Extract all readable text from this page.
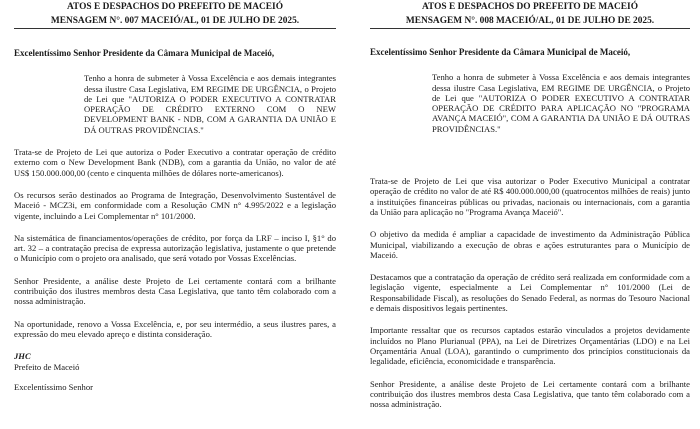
ATOS E DESPACHOS DO PREFEITO DE MACEIÓ
MENSAGEM N°. 007 MACEIÓ/AL, 01 DE JULHO DE 2025.
Excelentíssimo Senhor Presidente da Câmara Municipal de Maceió,

Tenho a honra de submeter à Vossa Excelência e aos demais integrantes dessa ilustre Casa Legislativa, EM REGIME DE URGÊNCIA, o Projeto de Lei que "AUTORIZA O PODER EXECUTIVO A CONTRATAR OPERAÇÃO DE CRÉDITO EXTERNO COM O NEW DEVELOPMENT BANK - NDB, COM A GARANTIA DA UNIÃO E DÁ OUTRAS PROVIDÊNCIAS."

Trata-se de Projeto de Lei que autoriza o Poder Executivo a contratar operação de crédito externo com o New Development Bank (NDB), com a garantia da União, no valor de até US$ 150.000.000,00 (cento e cinquenta milhões de dólares norte-americanos).

Os recursos serão destinados ao Programa de Integração, Desenvolvimento Sustentável de Maceió - MCZ3i, em conformidade com a Resolução CMN n° 4.995/2022 e a legislação vigente, incluindo a Lei Complementar n° 101/2000.

Na sistemática de financiamentos/operações de crédito, por força da LRF – inciso I, §1° do art. 32 – a contratação precisa de expressa autorização legislativa, justamente o que pretende o Município com o projeto ora analisado, que será votado por Vossas Excelências.

Senhor Presidente, a análise deste Projeto de Lei certamente contará com a brilhante contribuição dos ilustres membros desta Casa Legislativa, que tanto têm colaborado com a nossa administração.

Na oportunidade, renovo a Vossa Excelência, e, por seu intermédio, a seus ilustres pares, a expressão do meu elevado apreço e distinta consideração.

JHC

Prefeito de Maceió

Excelentíssimo Senhor

ATOS E DESPACHOS DO PREFEITO DE MACEIÓ
MENSAGEM N°. 008 MACEIÓ/AL, 01 DE JULHO DE 2025.
Excelentíssimo Senhor Presidente da Câmara Municipal de Maceió,

Tenho a honra de submeter à Vossa Excelência e aos demais integrantes dessa ilustre Casa Legislativa, EM REGIME DE URGÊNCIA, o Projeto de Lei que "AUTORIZA O PODER EXECUTIVO A CONTRATAR OPERAÇÃO DE CRÉDITO PARA APLICAÇÃO NO "PROGRAMA AVANÇA MACEIÓ", COM A GARANTIA DA UNIÃO E DÁ OUTRAS PROVIDÊNCIAS."

Trata-se de Projeto de Lei que visa autorizar o Poder Executivo Municipal a contratar operação de crédito no valor de até R$ 400.000.000,00 (quatrocentos milhões de reais) junto a instituições financeiras públicas ou privadas, nacionais ou internacionais, com a garantia da União para aplicação no "Programa Avança Maceió".

O objetivo da medida é ampliar a capacidade de investimento da Administração Pública Municipal, viabilizando a execução de obras e ações estruturantes para o Município de Maceió.

Destacamos que a contratação da operação de crédito será realizada em conformidade com a legislação vigente, especialmente a Lei Complementar n° 101/2000 (Lei de Responsabilidade Fiscal), as resoluções do Senado Federal, as normas do Tesouro Nacional e demais dispositivos legais pertinentes.

Importante ressaltar que os recursos captados estarão vinculados a projetos devidamente incluídos no Plano Plurianual (PPA), na Lei de Diretrizes Orçamentárias (LDO) e na Lei Orçamentária Anual (LOA), garantindo o cumprimento dos princípios constitucionais da legalidade, eficiência, economicidade e transparência.

Senhor Presidente, a análise deste Projeto de Lei certamente contará com a brilhante contribuição dos ilustres membros desta Casa Legislativa, que tanto têm colaborado com a nossa administração.
